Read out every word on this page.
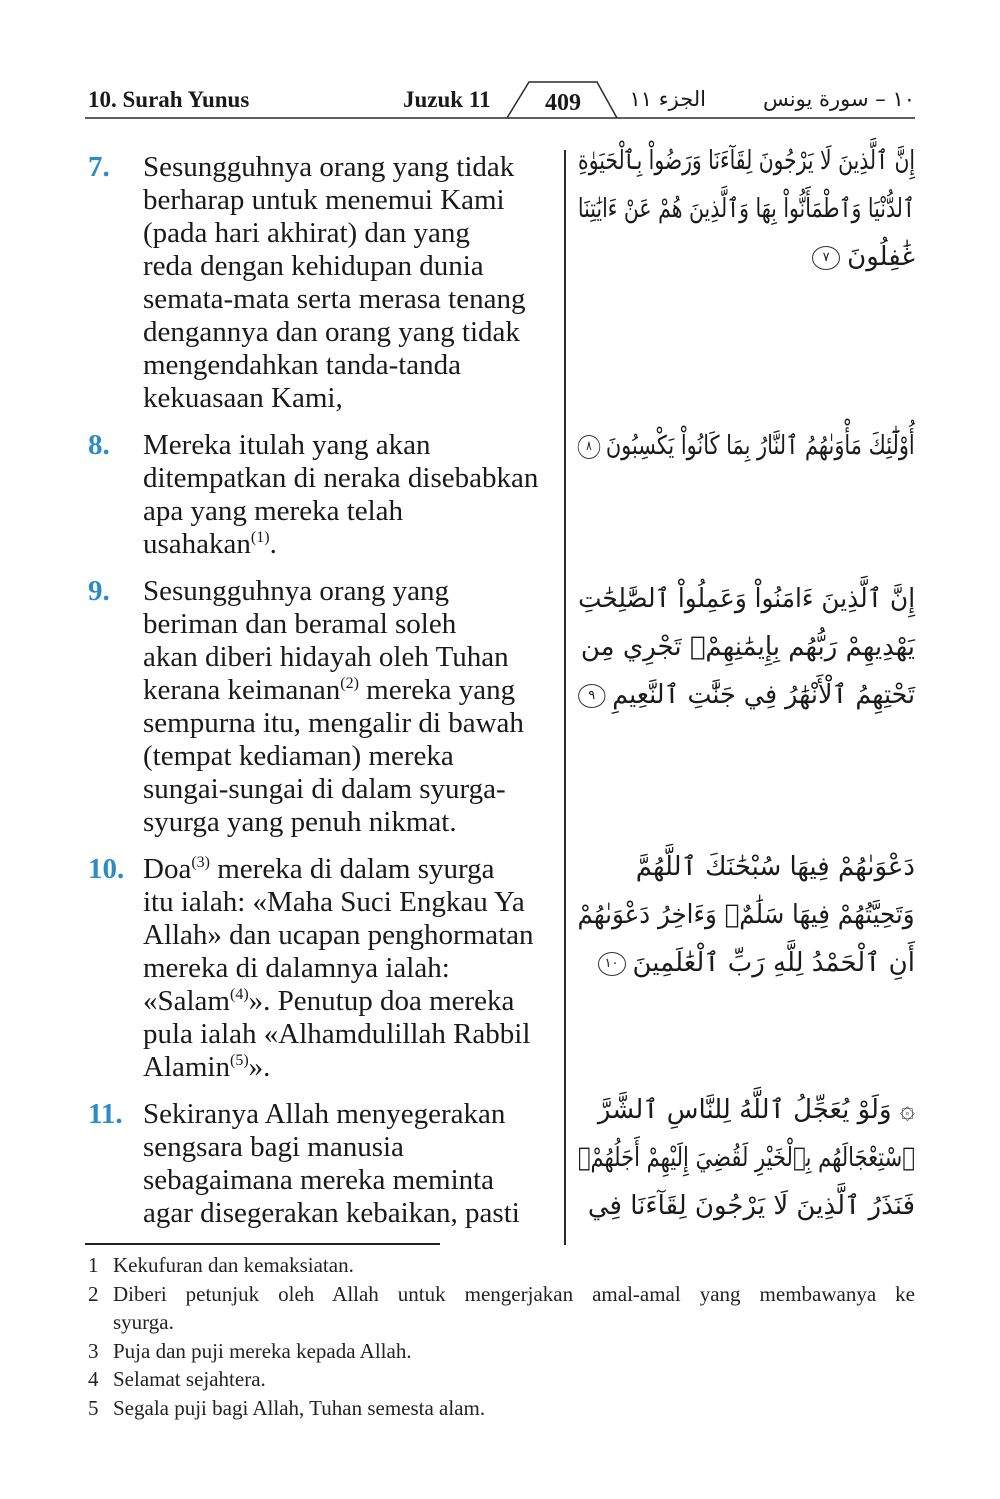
10. Surah Yunus	Juzuk 11	409	الجزء ١١	١٠ – سورة يونس
7.	Sesungguhnya orang yang tidak
berharap untuk menemui Kami
(pada hari akhirat) dan yang
reda dengan kehidupan dunia
semata-mata serta merasa tenang
dengannya dan orang yang tidak
mengendahkan tanda-tanda
kekuasaan Kami,
8.	Mereka itulah yang akan
ditempatkan di neraka disebabkan
apa yang mereka telah
usahakan$^{(1)}$.
9.	Sesungguhnya orang yang
beriman dan beramal soleh
akan diberi hidayah oleh Tuhan
kerana keimanan$^{(2)}$ mereka yang
sempurna itu, mengalir di bawah
(tempat kediaman) mereka
sungai-sungai di dalam syurga-
syurga yang penuh nikmat.
10. Doa$^{(3)}$ mereka di dalam syurga
itu ialah: «Maha Suci Engkau Ya
Allah» dan ucapan penghormatan
mereka di dalamnya ialah:
«Salam$^{(4)}$». Penutup doa mereka
pula ialah «Alhamdulillah Rabbil
Alamin$^{(5)}$».
11. Sekiranya Allah menyegerakan
sengsara bagi manusia
sebagaimana mereka meminta
agar disegerakan kebaikan, pasti
إِنَّ ٱلَّذِينَ لَا يَرْجُونَ لِقَآءَنَا وَرَضُواْ بِٱلْحَيَوٰةِ
ٱلدُّنْيَا وَٱطْمَأَنُّواْ بِهَا وَٱلَّذِينَ هُمْ عَنْ ءَايَٰتِنَا
غَٰفِلُونَ٧
أُوْلَٰٓئِكَ مَأْوَىٰهُمُ ٱلنَّارُ بِمَا كَانُواْ يَكْسِبُونَ٨
إِنَّ ٱلَّذِينَ ءَامَنُواْ وَعَمِلُواْ ٱلصَّٰلِحَٰتِ
يَهْدِيهِمْ رَبُّهُم بِإِيمَٰنِهِمْۖ تَجْرِي مِن
تَحْتِهِمُ ٱلْأَنْهَٰرُ فِي جَنَّٰتِ ٱلنَّعِيمِ٩
دَعْوَىٰهُمْ فِيهَا سُبْحَٰنَكَ ٱللَّهُمَّ
وَتَحِيَّتُهُمْ فِيهَا سَلَٰمٌۚ وَءَاخِرُ دَعْوَىٰهُمْ
أَنِ ٱلْحَمْدُ لِلَّهِ رَبِّ ٱلْعَٰلَمِينَ١٠
۞ وَلَوْ يُعَجِّلُ ٱللَّهُ لِلنَّاسِ ٱلشَّرَّ
ٱسْتِعْجَالَهُم بِٱلْخَيْرِ لَقُضِيَ إِلَيْهِمْ أَجَلُهُمْۖ
فَنَذَرُ ٱلَّذِينَ لَا يَرْجُونَ لِقَآءَنَا فِي
1 Kekufuran dan kemaksiatan.
2 Diberi petunjuk oleh Allah untuk mengerjakan amal-amal yang membawanya ke
syurga.
3 Puja dan puji mereka kepada Allah.
4 Selamat sejahtera.
5 Segala puji bagi Allah, Tuhan semesta alam.
